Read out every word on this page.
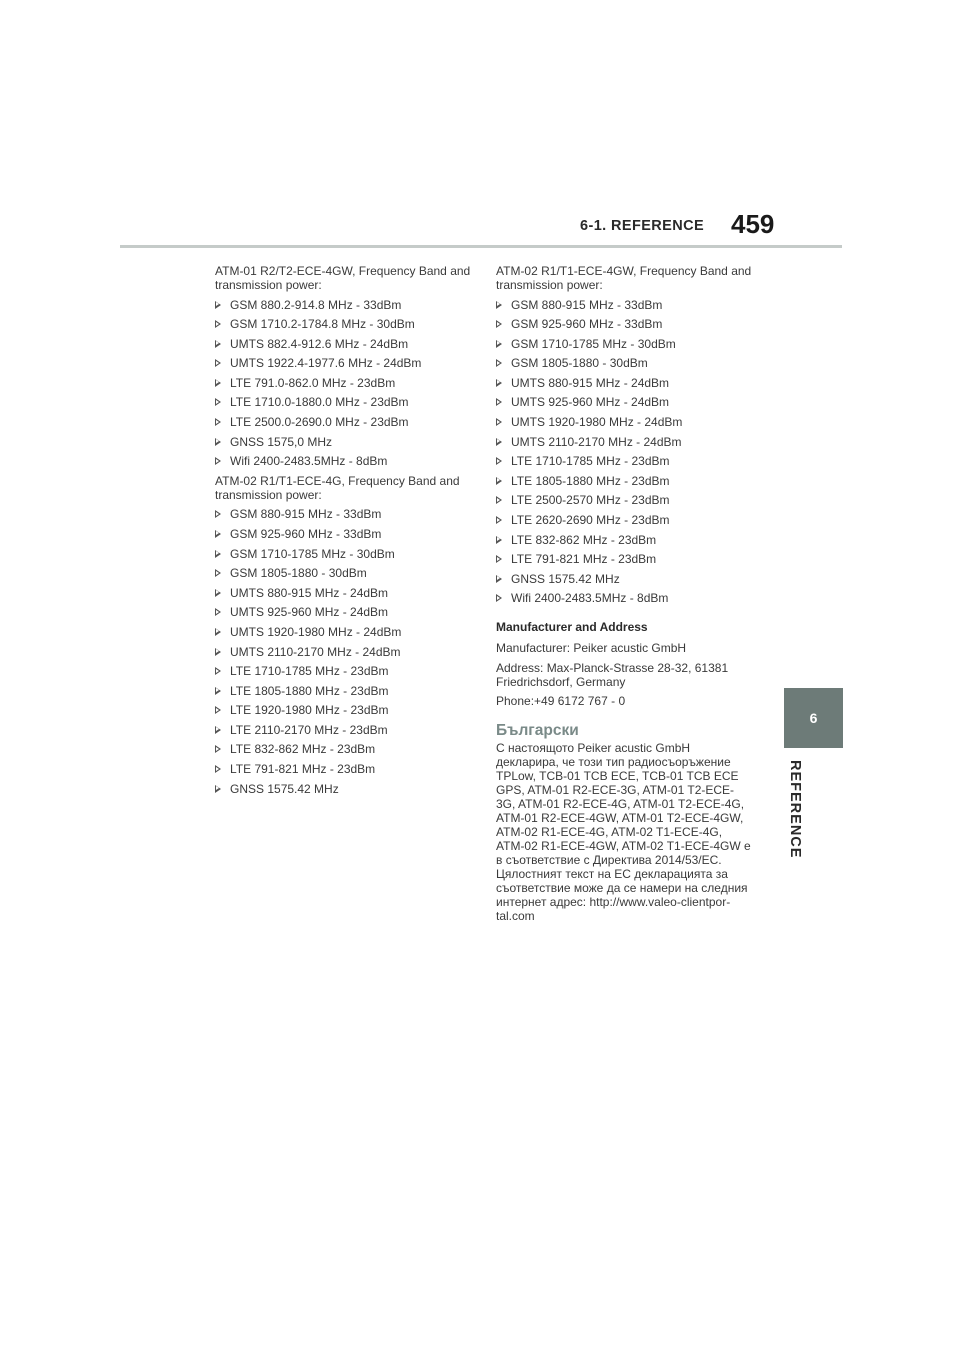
6-1. REFERENCE 459
6
REFERENCE

ATM-01 R2/T2-ECE-4GW, Frequency Band and transmission power:

GSM 880.2-914.8 MHz - 33dBm
GSM 1710.2-1784.8 MHz - 30dBm
UMTS 882.4-912.6 MHz - 24dBm
UMTS 1922.4-1977.6 MHz - 24dBm
LTE 791.0-862.0 MHz - 23dBm
LTE 1710.0-1880.0 MHz - 23dBm
LTE 2500.0-2690.0 MHz - 23dBm
GNSS 1575,0 MHz
Wifi 2400-2483.5MHz - 8dBm

ATM-02 R1/T1-ECE-4G, Frequency Band and transmission power:

GSM 880-915 MHz - 33dBm
GSM 925-960 MHz - 33dBm
GSM 1710-1785 MHz - 30dBm
GSM 1805-1880 - 30dBm
UMTS 880-915 MHz - 24dBm
UMTS 925-960 MHz - 24dBm
UMTS 1920-1980 MHz - 24dBm
UMTS 2110-2170 MHz - 24dBm
LTE 1710-1785 MHz - 23dBm
LTE 1805-1880 MHz - 23dBm
LTE 1920-1980 MHz - 23dBm
LTE 2110-2170 MHz - 23dBm
LTE 832-862 MHz - 23dBm
LTE 791-821 MHz - 23dBm
GNSS 1575.42 MHz

ATM-02 R1/T1-ECE-4GW, Frequency Band and transmission power:

GSM 880-915 MHz - 33dBm
GSM 925-960 MHz - 33dBm
GSM 1710-1785 MHz - 30dBm
GSM 1805-1880 - 30dBm
UMTS 880-915 MHz - 24dBm
UMTS 925-960 MHz - 24dBm
UMTS 1920-1980 MHz - 24dBm
UMTS 2110-2170 MHz - 24dBm
LTE 1710-1785 MHz - 23dBm
LTE 1805-1880 MHz - 23dBm
LTE 2500-2570 MHz - 23dBm
LTE 2620-2690 MHz - 23dBm
LTE 832-862 MHz - 23dBm
LTE 791-821 MHz - 23dBm
GNSS 1575.42 MHz
Wifi 2400-2483.5MHz - 8dBm
Manufacturer and Address

Manufacturer: Peiker acustic GmbH

Address: Max-Planck-Strasse 28-32, 61381 Friedrichsdorf, Germany

Phone:+49 6172 767 - 0

Български

С настоящото Peiker acustic GmbH декларира, че този тип радиосъоръжение TPLow, TCB-01 TCB ECE, TCB-01 TCB ECE GPS, ATM-01 R2-ECE-3G, ATM-01 T2-ECE-3G, ATM-01 R2-ECE-4G, ATM-01 T2-ECE-4G, ATM-01 R2-ECE-4GW, ATM-01 T2-ECE-4GW, ATM-02 R1-ECE-4G, ATM-02 T1-ECE-4G, ATM-02 R1-ECE-4GW, ATM-02 T1-ECE-4GW е в съответствие с Директива 2014/53/ЕС. Цялостният текст на ЕС декларацията за съответствие може да се намери на следния интернет адрес: http://www.valeo-clientpor-tal.com
